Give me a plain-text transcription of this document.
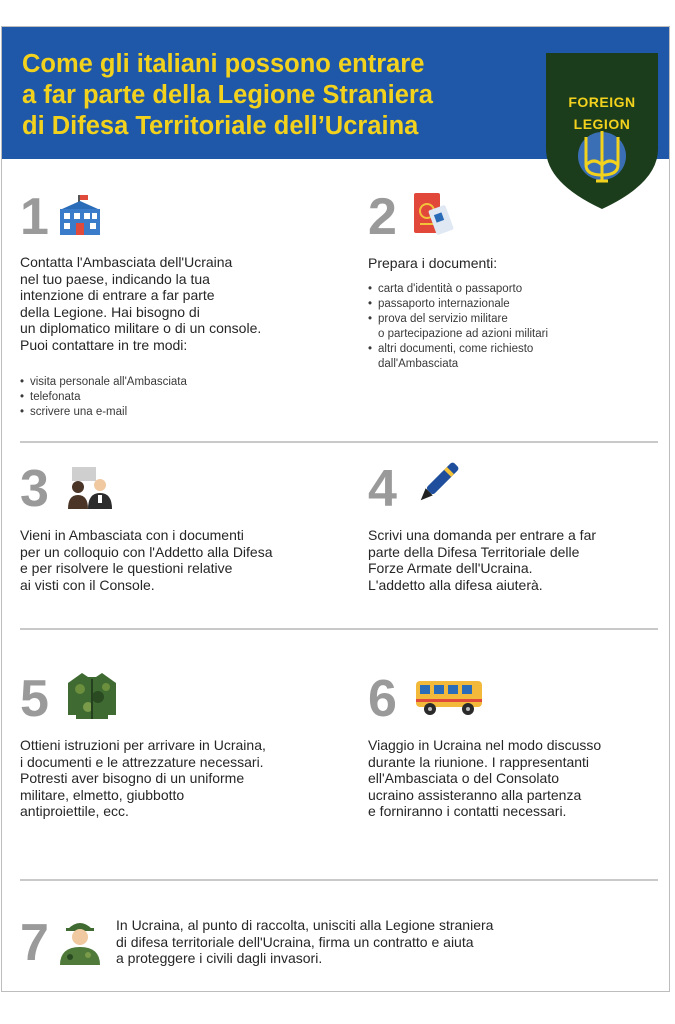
Come gli italiani possono entrare
a far parte della Legione Straniera
di Difesa Territoriale dell’Ucraina
FOREIGN
LEGION
1

Contatta l'Ambasciata dell'Ucraina
nel tuo paese, indicando la tua
intenzione di entrare a far parte
della Legione. Hai bisogno di
un diplomatico militare o di un console.
Puoi contattare in tre modi:

• visita personale all'Ambasciata
• telefonata
• scrivere una e-mail
2

Prepara i documenti:

• carta d'identità o passaporto
• passaporto internazionale
• prova del servizio militare
o partecipazione ad azioni militari
• altri documenti, come richiesto
dall'Ambasciata
3

Vieni in Ambasciata con i documenti
per un colloquio con l'Addetto alla Difesa
e per risolvere le questioni relative
ai visti con il Console.

4

Scrivi una domanda per entrare a far
parte della Difesa Territoriale delle
Forze Armate dell'Ucraina.
L'addetto alla difesa aiuterà.

5

Ottieni istruzioni per arrivare in Ucraina,
i documenti e le attrezzature necessari.
Potresti aver bisogno di un uniforme
militare, elmetto, giubbotto
antiproiettile, ecc.

6

Viaggio in Ucraina nel modo discusso
durante la riunione. I rappresentanti
ell'Ambasciata o del Consolato
ucraino assisteranno alla partenza
e forniranno i contatti necessari.

7	In Ucraina, al punto di raccolta, unisciti alla Legione straniera
di difesa territoriale dell'Ucraina, firma un contratto e aiuta
a proteggere i civili dagli invasori.
